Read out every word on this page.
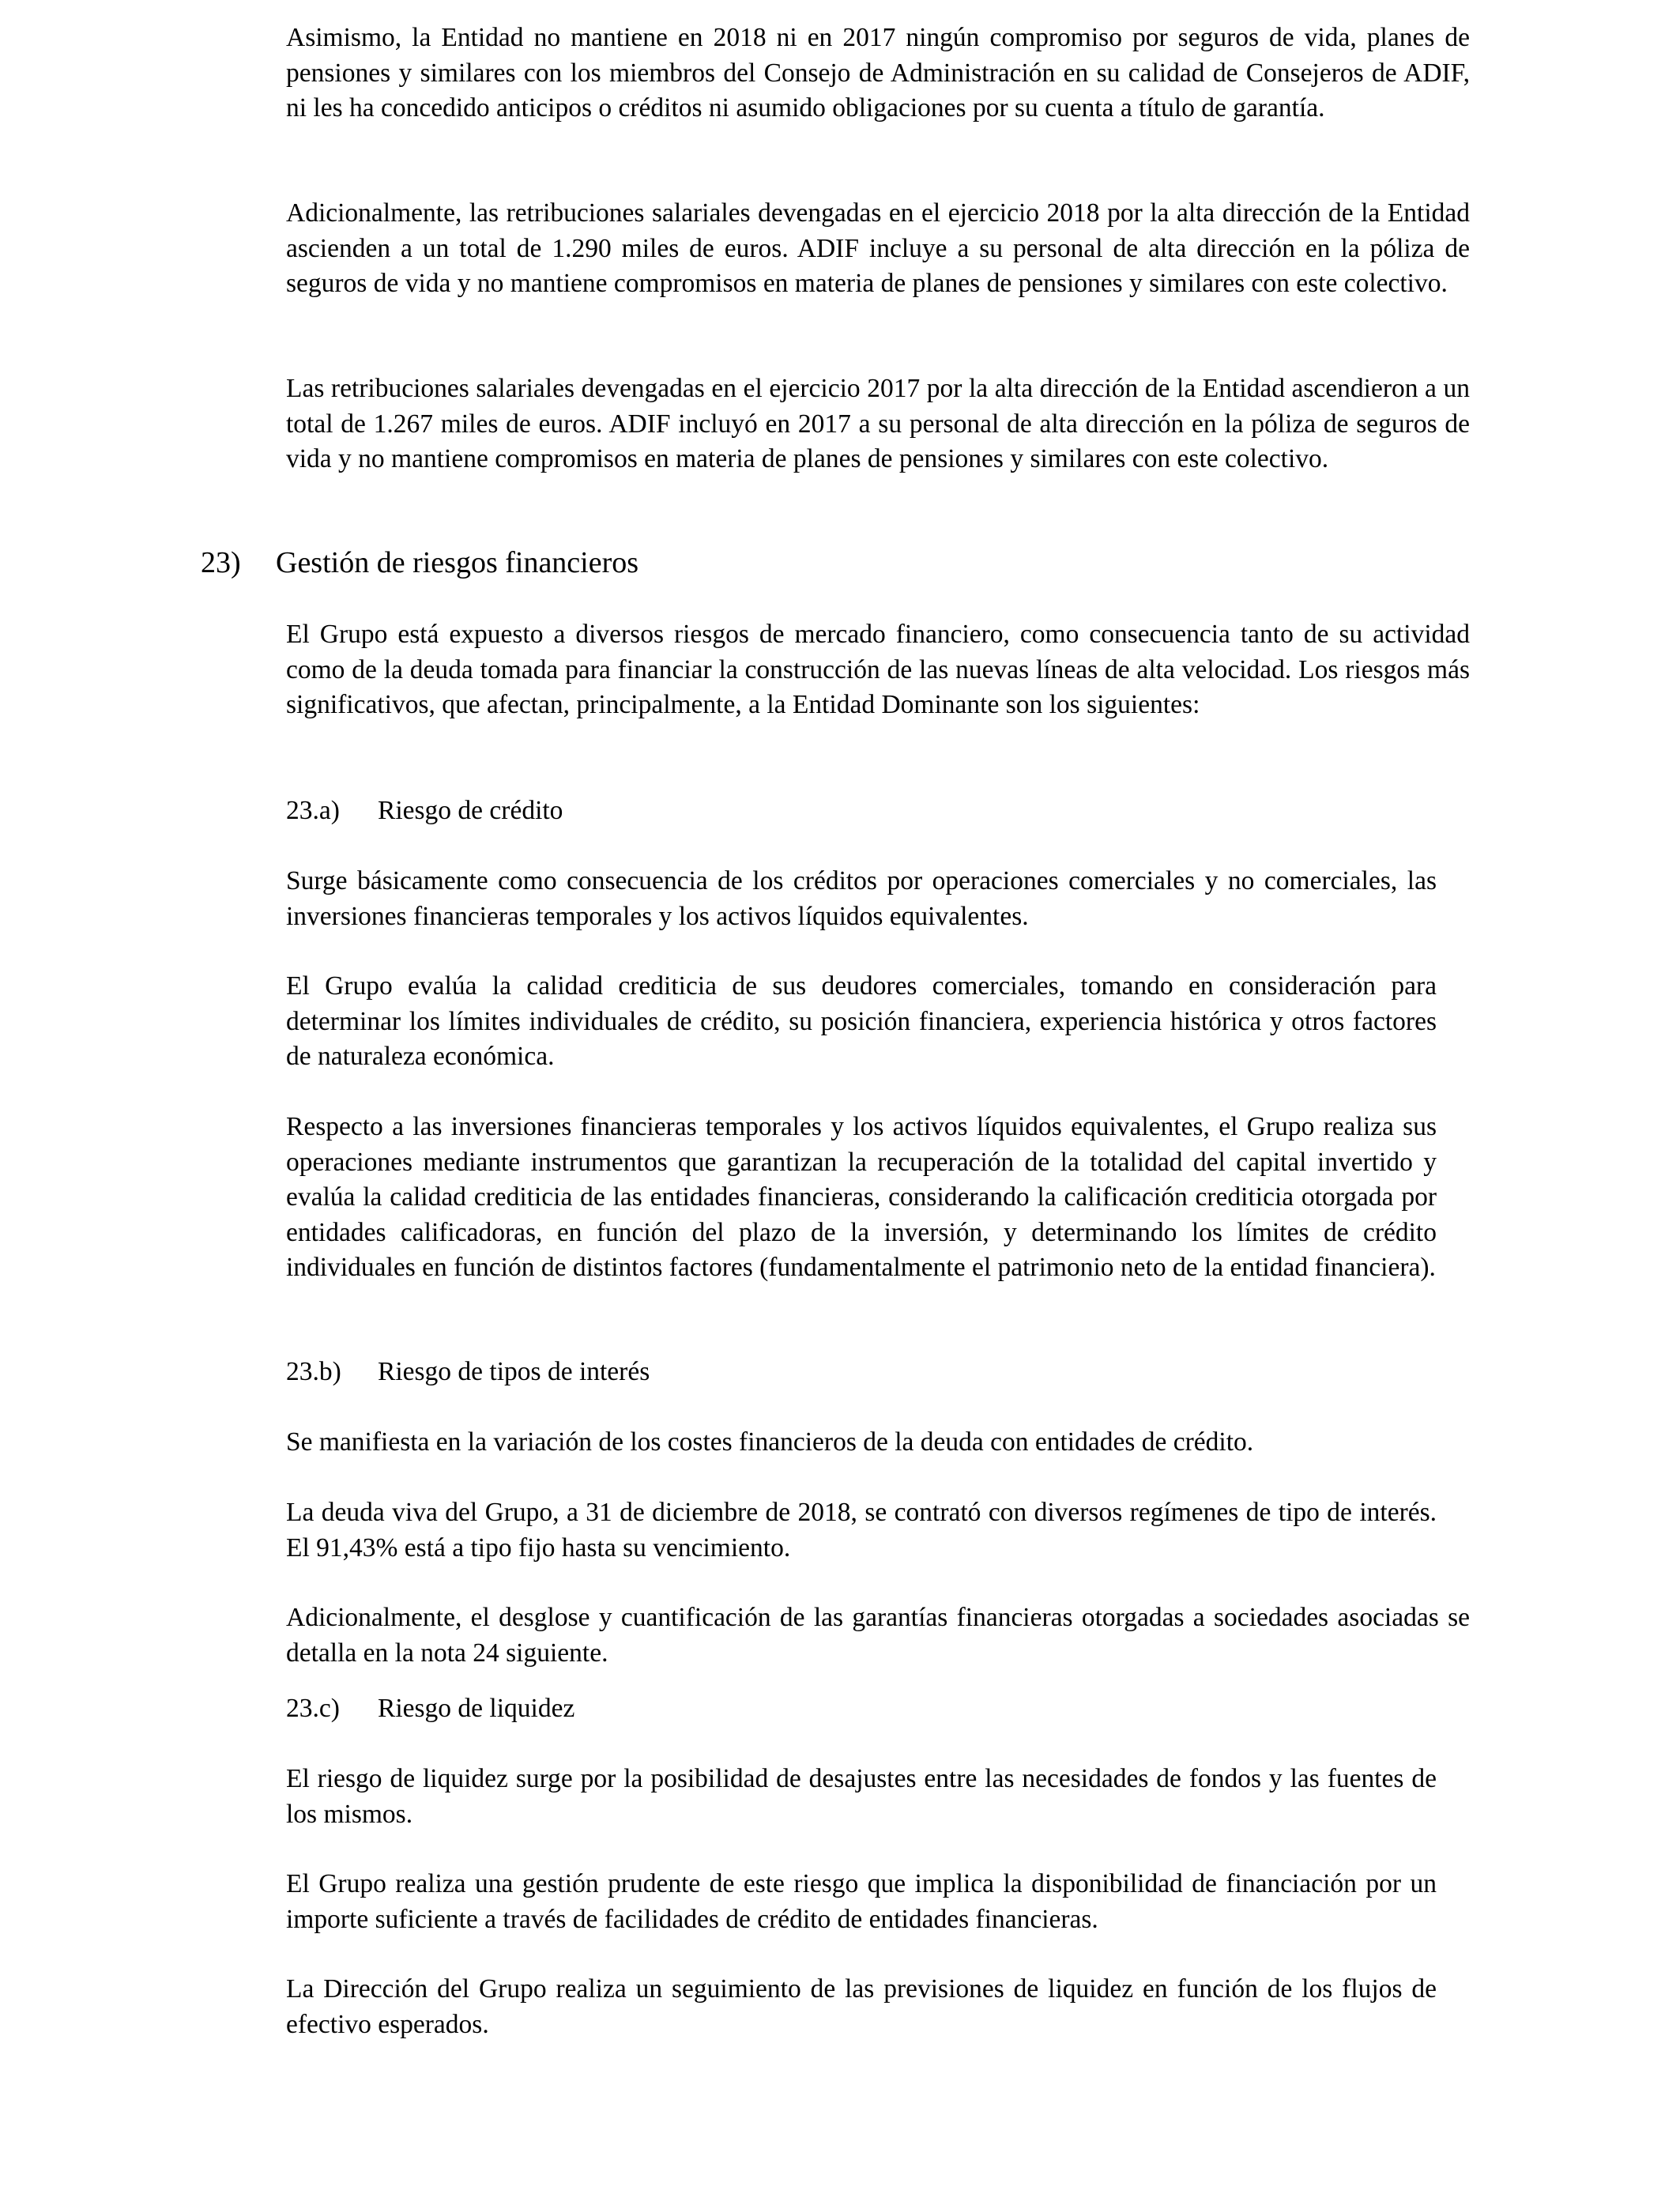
Asimismo, la Entidad no mantiene en 2018 ni en 2017 ningún compromiso por seguros de vida, planes de pensiones y similares con los miembros del Consejo de Administración en su calidad de Consejeros de ADIF, ni les ha concedido anticipos o créditos ni asumido obligaciones por su cuenta a título de garantía.

Adicionalmente, las retribuciones salariales devengadas en el ejercicio 2018 por la alta dirección de la Entidad ascienden a un total de 1.290 miles de euros. ADIF incluye a su personal de alta dirección en la póliza de seguros de vida y no mantiene compromisos en materia de planes de pensiones y similares con este colectivo.

Las retribuciones salariales devengadas en el ejercicio 2017 por la alta dirección de la Entidad ascendieron a un total de 1.267 miles de euros. ADIF incluyó en 2017 a su personal de alta dirección en la póliza de seguros de vida y no mantiene compromisos en materia de planes de pensiones y similares con este colectivo.

23) Gestión de riesgos financieros

El Grupo está expuesto a diversos riesgos de mercado financiero, como consecuencia tanto de su actividad como de la deuda tomada para financiar la construcción de las nuevas líneas de alta velocidad. Los riesgos más significativos, que afectan, principalmente, a la Entidad Dominante son los siguientes:

23.a) Riesgo de crédito

Surge básicamente como consecuencia de los créditos por operaciones comerciales y no comerciales, las inversiones financieras temporales y los activos líquidos equivalentes.

El Grupo evalúa la calidad crediticia de sus deudores comerciales, tomando en consideración para determinar los límites individuales de crédito, su posición financiera, experiencia histórica y otros factores de naturaleza económica.

Respecto a las inversiones financieras temporales y los activos líquidos equivalentes, el Grupo realiza sus operaciones mediante instrumentos que garantizan la recuperación de la totalidad del capital invertido y evalúa la calidad crediticia de las entidades financieras, considerando la calificación crediticia otorgada por entidades calificadoras, en función del plazo de la inversión, y determinando los límites de crédito individuales en función de distintos factores (fundamentalmente el patrimonio neto de la entidad financiera).

23.b) Riesgo de tipos de interés

Se manifiesta en la variación de los costes financieros de la deuda con entidades de crédito.

La deuda viva del Grupo, a 31 de diciembre de 2018, se contrató con diversos regímenes de tipo de interés. El 91,43% está a tipo fijo hasta su vencimiento.

Adicionalmente, el desglose y cuantificación de las garantías financieras otorgadas a sociedades asociadas se detalla en la nota 24 siguiente.

23.c) Riesgo de liquidez

El riesgo de liquidez surge por la posibilidad de desajustes entre las necesidades de fondos y las fuentes de los mismos.

El Grupo realiza una gestión prudente de este riesgo que implica la disponibilidad de financiación por un importe suficiente a través de facilidades de crédito de entidades financieras.

La Dirección del Grupo realiza un seguimiento de las previsiones de liquidez en función de los flujos de efectivo esperados.
